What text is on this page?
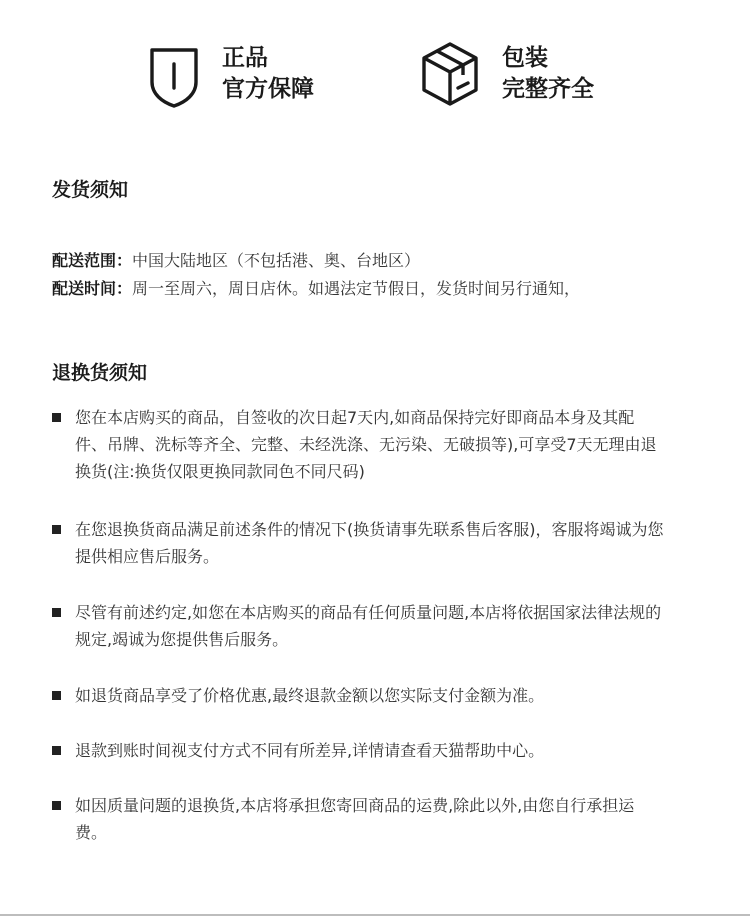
正品
官方保障
包装
完整齐全
发货须知
配送范围：中国大陆地区（不包括港、奥、台地区）
配送时间：周一至周六，周日店休。如遇法定节假日，发货时间另行通知，
退换货须知
您在本店购买的商品，自签收的次日起7天内,如商品保持完好即商品本身及其配件、吊牌、洗标等齐全、完整、未经洗涤、无污染、无破损等),可享受7天无理由退换货(注:换货仅限更换同款同色不同尺码)
在您退换货商品满足前述条件的情况下(换货请事先联系售后客服)，客服将竭诚为您提供相应售后服务。
尽管有前述约定,如您在本店购买的商品有任何质量问题,本店将依据国家法律法规的规定,竭诚为您提供售后服务。
如退货商品享受了价格优惠,最终退款金额以您实际支付金额为准。
退款到账时间视支付方式不同有所差异,详情请查看天猫帮助中心。
如因质量问题的退换货,本店将承担您寄回商品的运费,除此以外,由您自行承担运费。
